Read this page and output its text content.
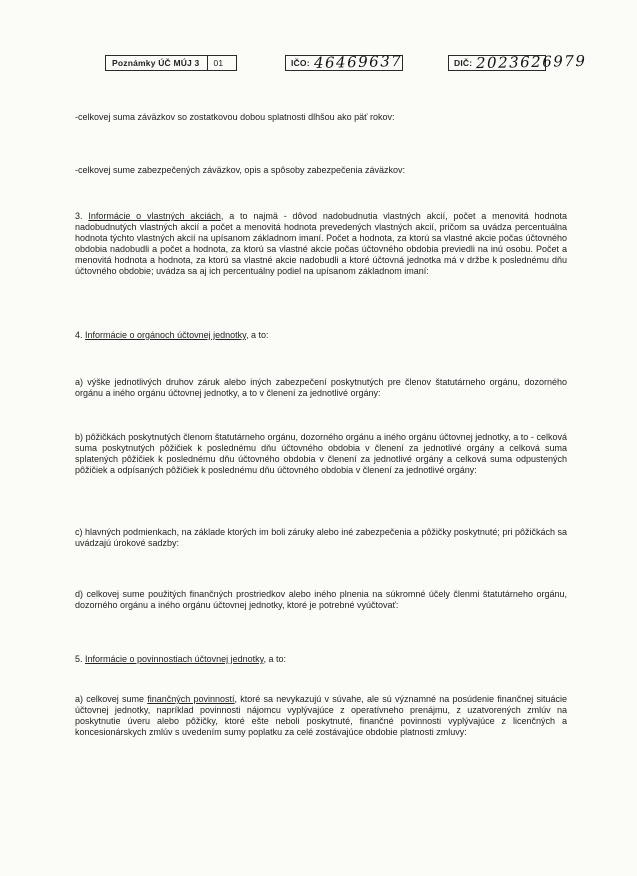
Poznámky ÚČ MÚJ 3	01	IČO: 46469637	DIČ: 2023626979

-celkovej suma záväzkov so zostatkovou dobou splatnosti dlhšou ako päť rokov:

-celkovej sume zabezpečených záväzkov, opis a spôsoby zabezpečenia záväzkov:

3. Informácie o vlastných akciách, a to najmä - dôvod nadobudnutia vlastných akcií, počet a menovitá hodnota nadobudnutých vlastných akcií a počet a menovitá hodnota prevedených vlastných akcií, pričom sa uvádza percentuálna hodnota týchto vlastných akcií na upísanom základnom imaní. Počet a hodnota, za ktorú sa vlastné akcie počas účtovného obdobia nadobudli a počet a hodnota, za ktorú sa vlastné akcie počas účtovného obdobia previedli na inú osobu. Počet a menovitá hodnota a hodnota, za ktorú sa vlastné akcie nadobudli a ktoré účtovná jednotka má v držbe k poslednému dňu účtovného obdobie; uvádza sa aj ich percentuálny podiel na upísanom základnom imaní:

4. Informácie o orgánoch účtovnej jednotky, a to:

a) výške jednotlivých druhov záruk alebo iných zabezpečení poskytnutých pre členov štatutárneho orgánu, dozorného orgánu a iného orgánu účtovnej jednotky, a to v členení za jednotlivé orgány:

b) pôžičkách poskytnutých členom štatutárneho orgánu, dozorného orgánu a iného orgánu účtovnej jednotky, a to - celková suma poskytnutých pôžičiek k poslednému dňu účtovného obdobia v členení za jednotlivé orgány a celková suma splatených pôžičiek k poslednému dňu účtovného obdobia v členení za jednotlivé orgány a celková suma odpustených pôžičiek a odpísaných pôžičiek k poslednému dňu účtovného obdobia v členení za jednotlivé orgány:

c) hlavných podmienkach, na základe ktorých im boli záruky alebo iné zabezpečenia a pôžičky poskytnuté; pri pôžičkách sa uvádzajú úrokové sadzby:

d) celkovej sume použitých finančných prostriedkov alebo iného plnenia na súkromné účely členmi štatutárneho orgánu, dozorného orgánu a iného orgánu účtovnej jednotky, ktoré je potrebné vyúčtovať:

5. Informácie o povinnostiach účtovnej jednotky, a to:

a) celkovej sume finančných povinností, ktoré sa nevykazujú v súvahe, ale sú významné na posúdenie finančnej situácie účtovnej jednotky, napríklad povinnosti nájomcu vyplývajúce z operatívneho prenájmu, z uzatvorených zmlúv na poskytnutie úveru alebo pôžičky, ktoré ešte neboli poskytnuté, finančné povinnosti vyplývajúce z licenčných a koncesionárskych zmlúv s uvedením sumy poplatku za celé zostávajúce obdobie platnosti zmluvy:
